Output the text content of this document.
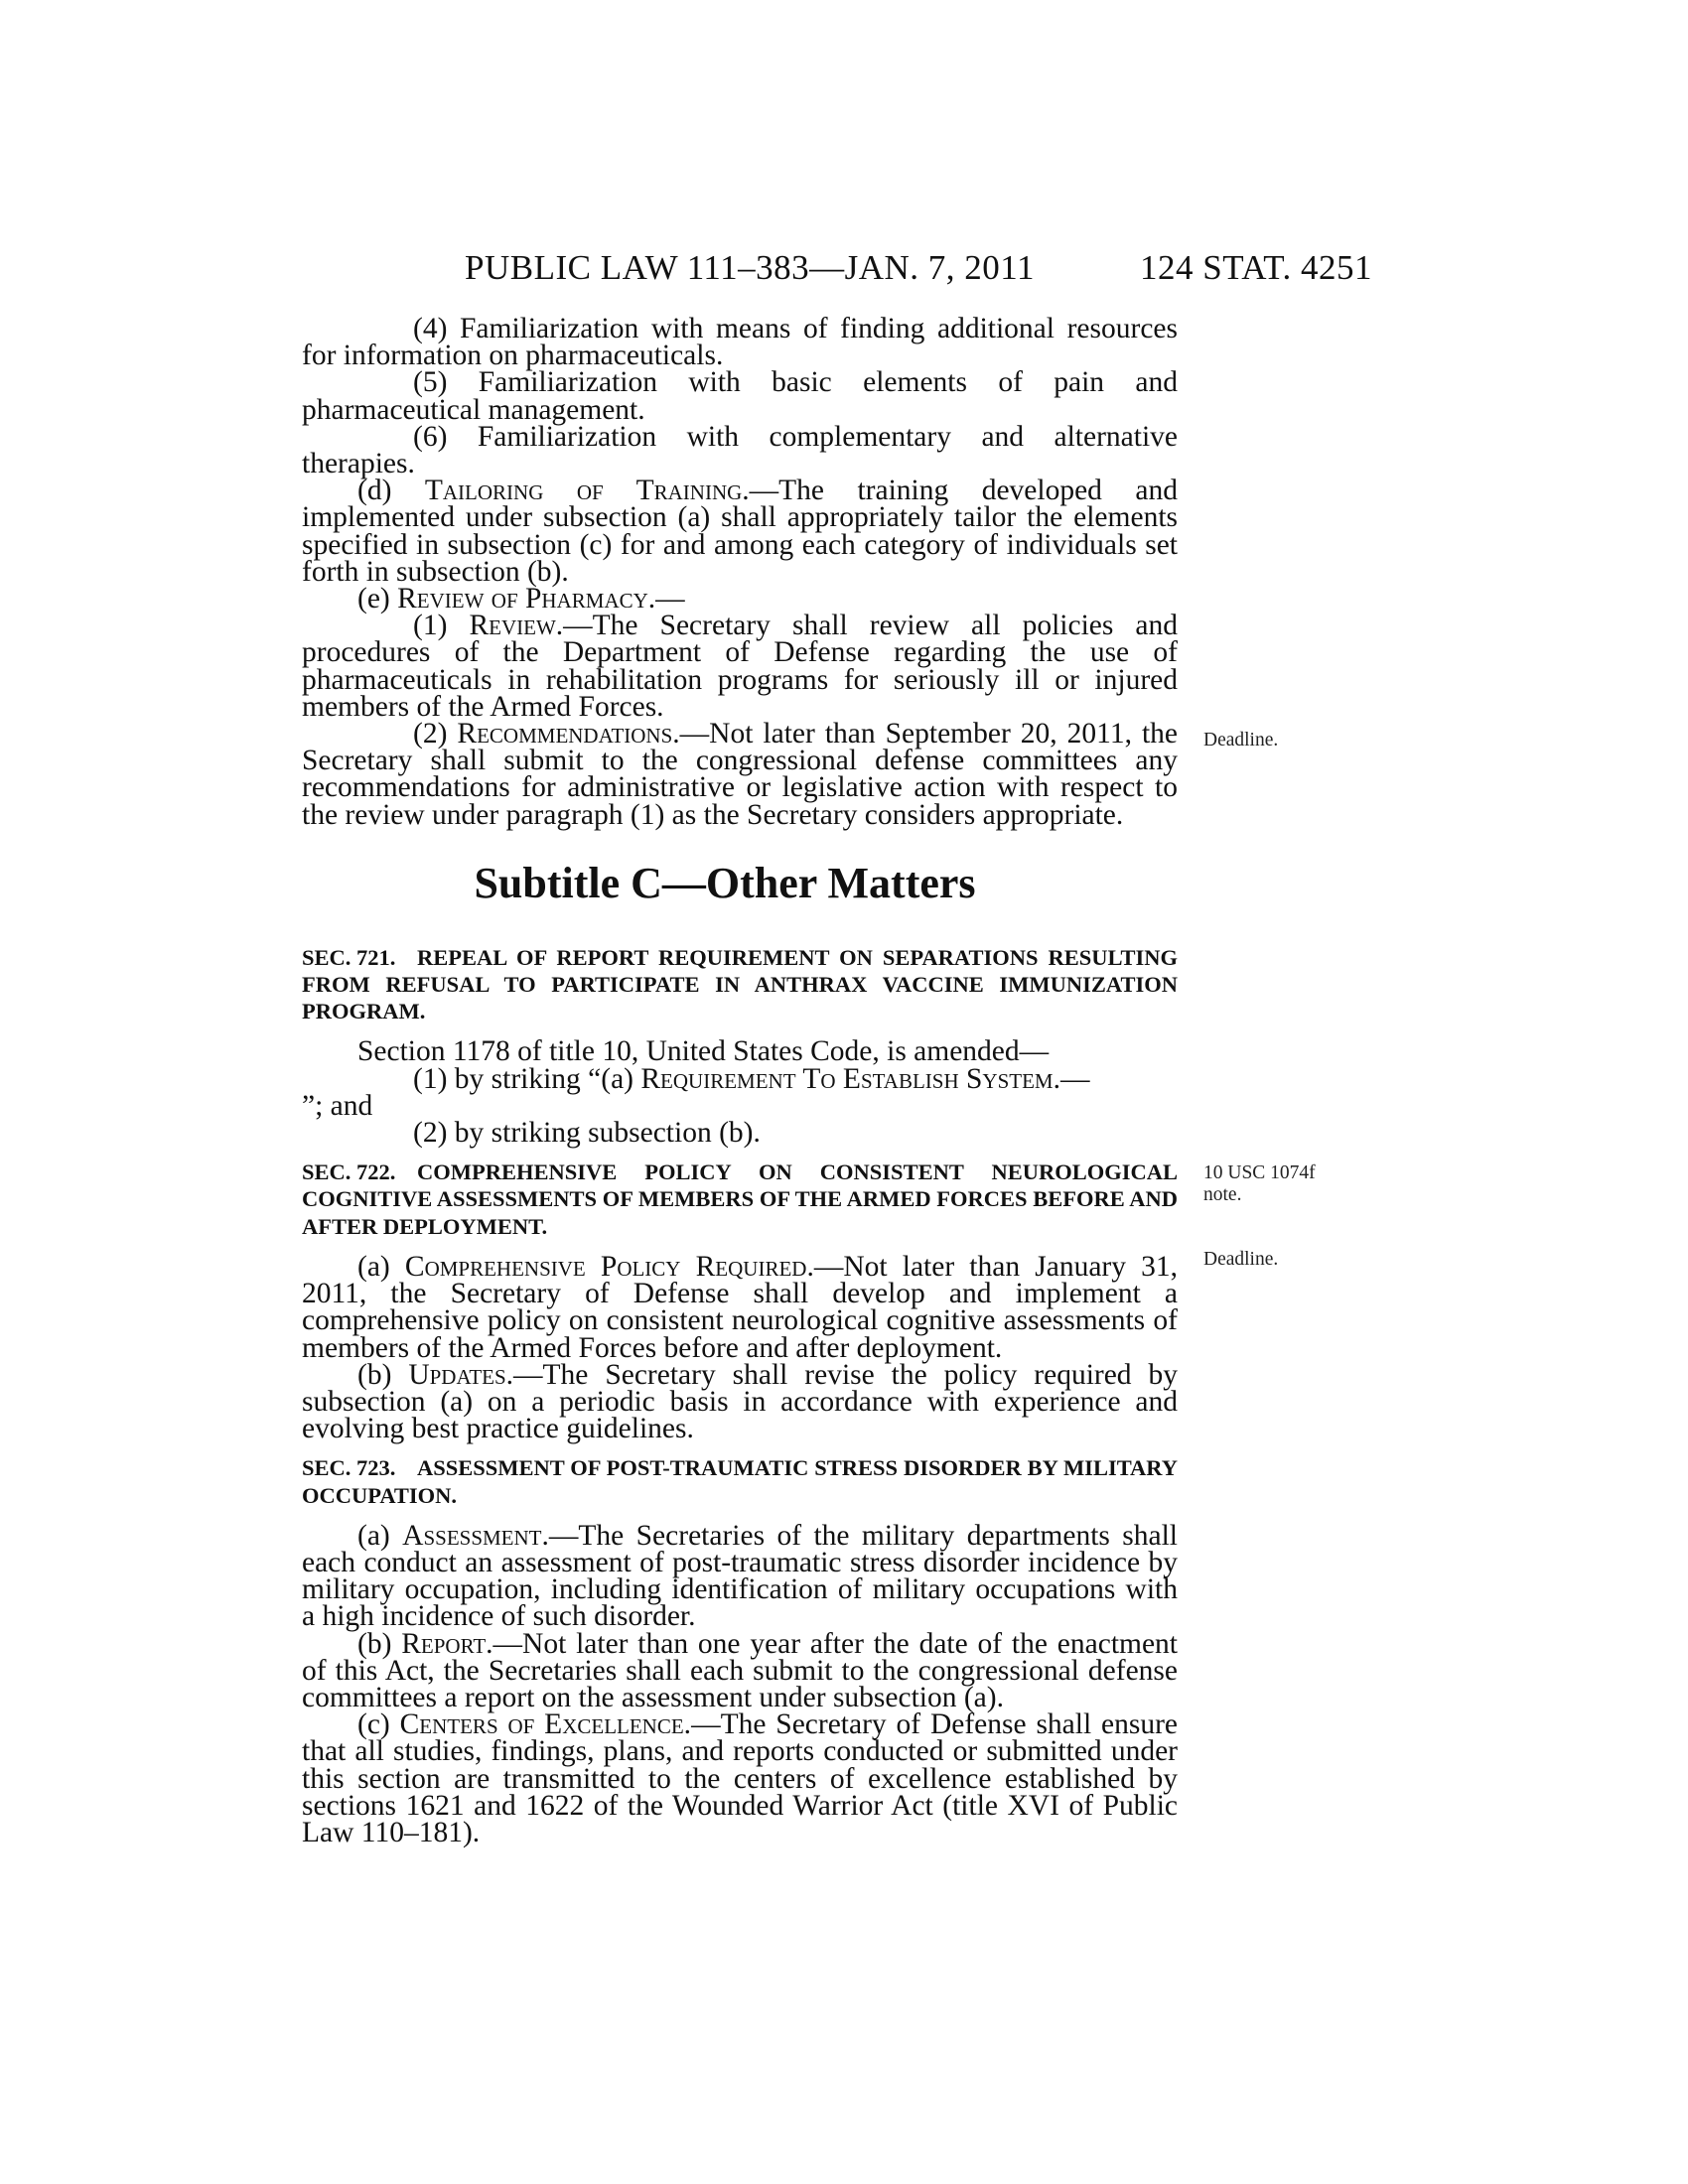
PUBLIC LAW 111–383—JAN. 7, 2011	124 STAT. 4251
Deadline.
10 USC 1074f
note.
Deadline.

(4) Familiarization with means of finding additional resources for information on pharmaceuticals.

(5) Familiarization with basic elements of pain and pharmaceutical management.

(6) Familiarization with complementary and alternative therapies.

(d) Tailoring of Training.—The training developed and implemented under subsection (a) shall appropriately tailor the elements specified in subsection (c) for and among each category of individuals set forth in subsection (b).

(e) Review of Pharmacy.—

(1) Review.—The Secretary shall review all policies and procedures of the Department of Defense regarding the use of pharmaceuticals in rehabilitation programs for seriously ill or injured members of the Armed Forces.

(2) Recommendations.—Not later than September 20, 2011, the Secretary shall submit to the congressional defense committees any recommendations for administrative or legislative action with respect to the review under paragraph (1) as the Secretary considers appropriate.

Subtitle C—Other Matters

SEC. 721. REPEAL OF REPORT REQUIREMENT ON SEPARATIONS RESULTING FROM REFUSAL TO PARTICIPATE IN ANTHRAX VACCINE IMMUNIZATION PROGRAM.

Section 1178 of title 10, United States Code, is amended—

(1) by striking “(a) Requirement To Establish System.—

”; and

(2) by striking subsection (b).

SEC. 722. COMPREHENSIVE POLICY ON CONSISTENT NEUROLOGICAL COGNITIVE ASSESSMENTS OF MEMBERS OF THE ARMED FORCES BEFORE AND AFTER DEPLOYMENT.

(a) Comprehensive Policy Required.—Not later than January 31, 2011, the Secretary of Defense shall develop and implement a comprehensive policy on consistent neurological cognitive assessments of members of the Armed Forces before and after deployment.

(b) Updates.—The Secretary shall revise the policy required by subsection (a) on a periodic basis in accordance with experience and evolving best practice guidelines.

SEC. 723. ASSESSMENT OF POST-TRAUMATIC STRESS DISORDER BY MILITARY OCCUPATION.

(a) Assessment.—The Secretaries of the military departments shall each conduct an assessment of post-traumatic stress disorder incidence by military occupation, including identification of military occupations with a high incidence of such disorder.

(b) Report.—Not later than one year after the date of the enactment of this Act, the Secretaries shall each submit to the congressional defense committees a report on the assessment under subsection (a).

(c) Centers of Excellence.—The Secretary of Defense shall ensure that all studies, findings, plans, and reports conducted or submitted under this section are transmitted to the centers of excellence established by sections 1621 and 1622 of the Wounded Warrior Act (title XVI of Public Law 110–181).
